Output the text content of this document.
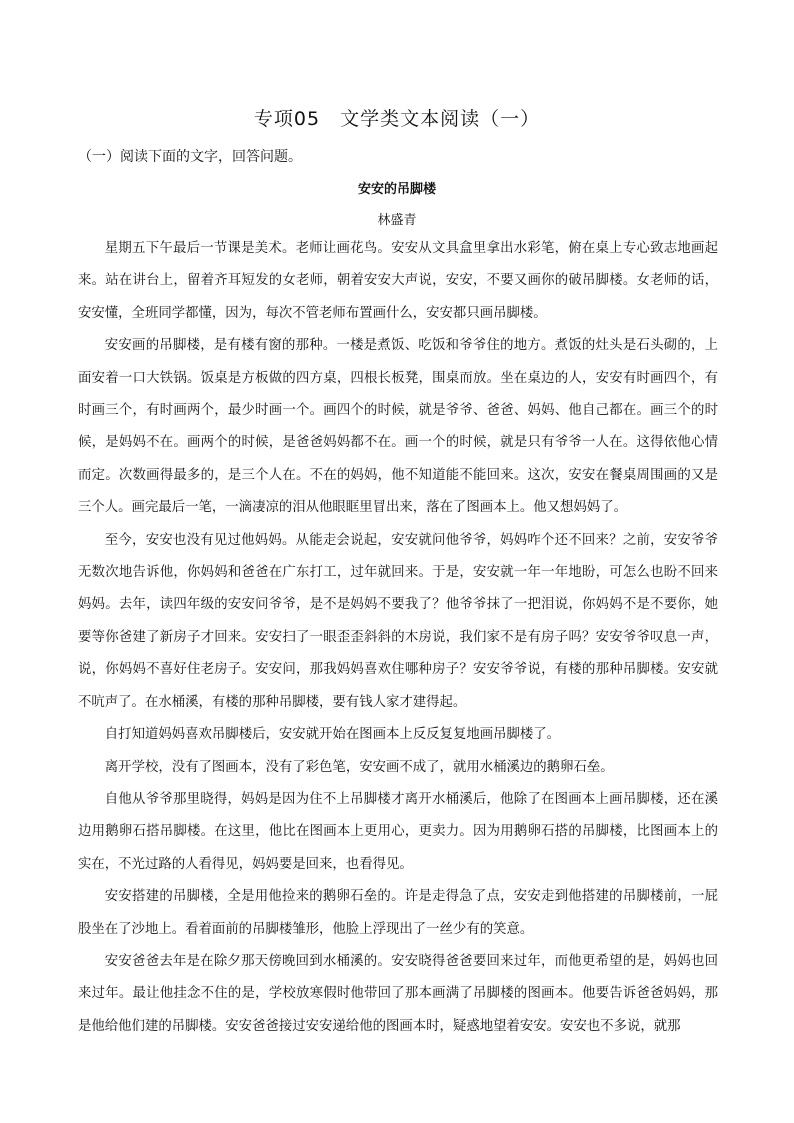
专项05　文学类文本阅读（一）
（一）阅读下面的文字，回答问题。
安安的吊脚楼
林盛青

星期五下午最后一节课是美术。老师让画花鸟。安安从文具盒里拿出水彩笔，俯在桌上专心致志地画起来。站在讲台上，留着齐耳短发的女老师，朝着安安大声说，安安，不要又画你的破吊脚楼。女老师的话，安安懂，全班同学都懂，因为，每次不管老师布置画什么，安安都只画吊脚楼。

安安画的吊脚楼，是有楼有窗的那种。一楼是煮饭、吃饭和爷爷住的地方。煮饭的灶头是石头砌的，上面安着一口大铁锅。饭桌是方板做的四方桌，四根长板凳，围桌而放。坐在桌边的人，安安有时画四个，有时画三个，有时画两个，最少时画一个。画四个的时候，就是爷爷、爸爸、妈妈、他自己都在。画三个的时候，是妈妈不在。画两个的时候，是爸爸妈妈都不在。画一个的时候，就是只有爷爷一人在。这得依他心情而定。次数画得最多的，是三个人在。不在的妈妈，他不知道能不能回来。这次，安安在餐桌周围画的又是三个人。画完最后一笔，一滴凄凉的泪从他眼眶里冒出来，落在了图画本上。他又想妈妈了。

至今，安安也没有见过他妈妈。从能走会说起，安安就问他爷爷，妈妈咋个还不回来？之前，安安爷爷无数次地告诉他，你妈妈和爸爸在广东打工，过年就回来。于是，安安就一年一年地盼，可怎么也盼不回来妈妈。去年，读四年级的安安问爷爷，是不是妈妈不要我了？他爷爷抹了一把泪说，你妈妈不是不要你，她要等你爸建了新房子才回来。安安扫了一眼歪歪斜斜的木房说，我们家不是有房子吗？安安爷爷叹息一声，说，你妈妈不喜好住老房子。安安问，那我妈妈喜欢住哪种房子？安安爷爷说，有楼的那种吊脚楼。安安就不吭声了。在水桶溪，有楼的那种吊脚楼，要有钱人家才建得起。

自打知道妈妈喜欢吊脚楼后，安安就开始在图画本上反反复复地画吊脚楼了。

离开学校，没有了图画本，没有了彩色笔，安安画不成了，就用水桶溪边的鹅卵石垒。

自他从爷爷那里晓得，妈妈是因为住不上吊脚楼才离开水桶溪后，他除了在图画本上画吊脚楼，还在溪边用鹅卵石搭吊脚楼。在这里，他比在图画本上更用心，更卖力。因为用鹅卵石搭的吊脚楼，比图画本上的实在，不光过路的人看得见，妈妈要是回来，也看得见。

安安搭建的吊脚楼，全是用他捡来的鹅卵石垒的。许是走得急了点，安安走到他搭建的吊脚楼前，一屁股坐在了沙地上。看着面前的吊脚楼雏形，他脸上浮现出了一丝少有的笑意。

安安爸爸去年是在除夕那天傍晚回到水桶溪的。安安晓得爸爸要回来过年，而他更希望的是，妈妈也回来过年。最让他挂念不住的是，学校放寒假时他带回了那本画满了吊脚楼的图画本。他要告诉爸爸妈妈，那是他给他们建的吊脚楼。安安爸爸接过安安递给他的图画本时，疑惑地望着安安。安安也不多说，就那
